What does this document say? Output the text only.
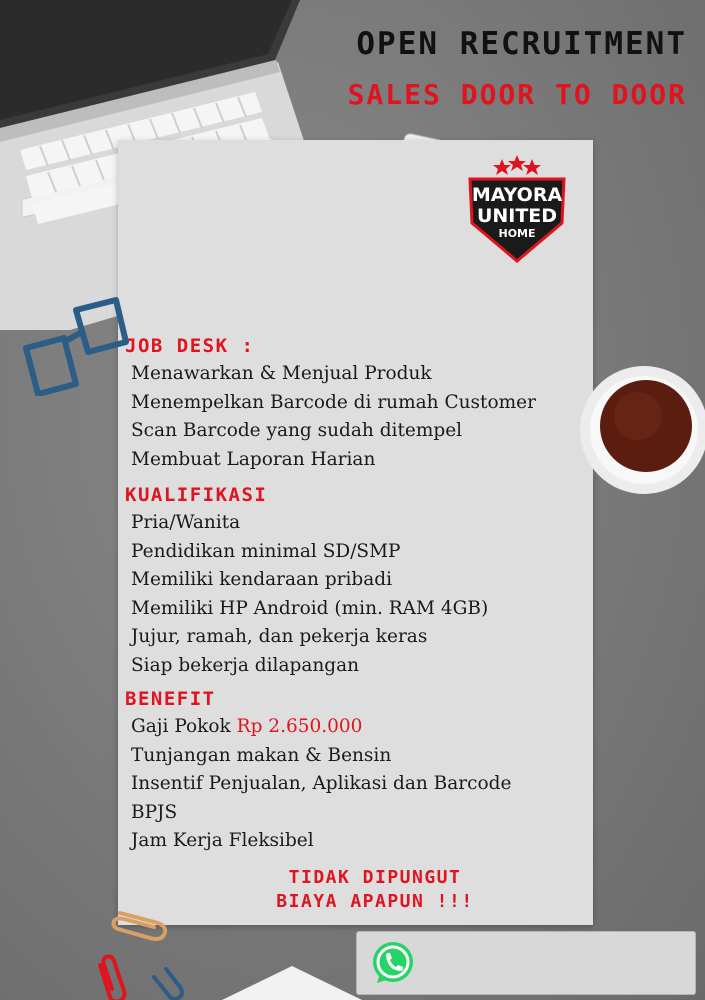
MAYORA
UNITED
HOME
OPEN RECRUITMENT
SALES DOOR TO DOOR
JOB DESK :
Menawarkan & Menjual Produk
Menempelkan Barcode di rumah Customer
Scan Barcode yang sudah ditempel
Membuat Laporan Harian
KUALIFIKASI
Pria/Wanita
Pendidikan minimal SD/SMP
Memiliki kendaraan pribadi
Memiliki HP Android (min. RAM 4GB)
Jujur, ramah, dan pekerja keras
Siap bekerja dilapangan
BENEFIT
Gaji Pokok Rp 2.650.000
Tunjangan makan & Bensin
Insentif Penjualan, Aplikasi dan Barcode
BPJS
Jam Kerja Fleksibel
TIDAK DIPUNGUT
BIAYA APAPUN !!!
